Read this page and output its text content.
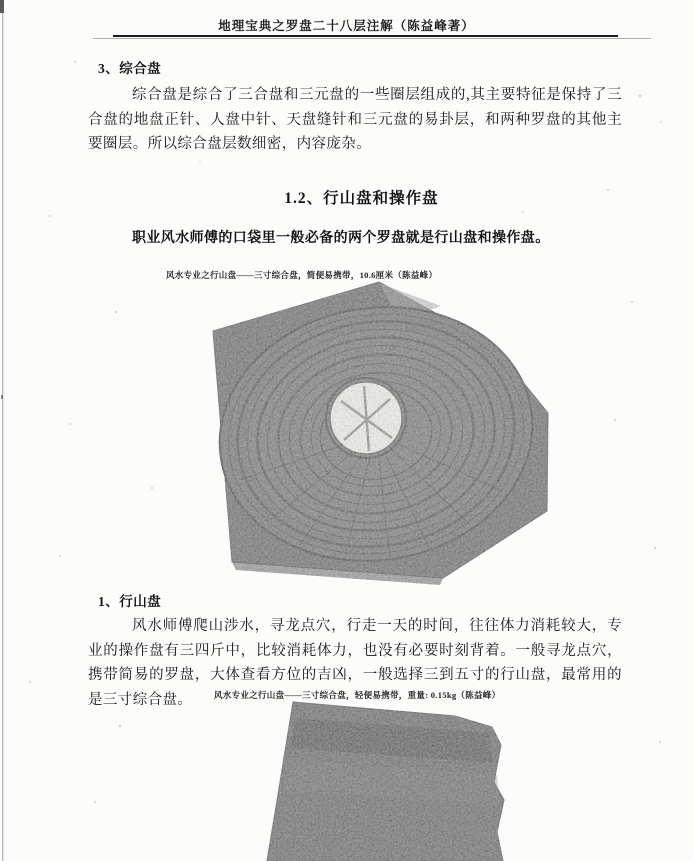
地理宝典之罗盘二十八层注解（陈益峰著）
3、综合盘
综合盘是综合了三合盘和三元盘的一些圈层组成的,其主要特征是保持了三合盘的地盘正针、人盘中针、天盘缝针和三元盘的易卦层，和两种罗盘的其他主要圈层。所以综合盘层数细密，内容庞杂。
1.2、行山盘和操作盘
职业风水师傅的口袋里一般必备的两个罗盘就是行山盘和操作盘。
风水专业之行山盘——三寸综合盘，简便易携带，10.6厘米（陈益峰）
1、行山盘
风水师傅爬山涉水，寻龙点穴，行走一天的时间，往往体力消耗较大，专业的操作盘有三四斤中，比较消耗体力，也没有必要时刻背着。一般寻龙点穴，携带简易的罗盘，大体查看方位的吉凶，一般选择三到五寸的行山盘，最常用的是三寸综合盘。	风水专业之行山盘——三寸综合盘，轻便易携带，重量: 0.15kg（陈益峰）
